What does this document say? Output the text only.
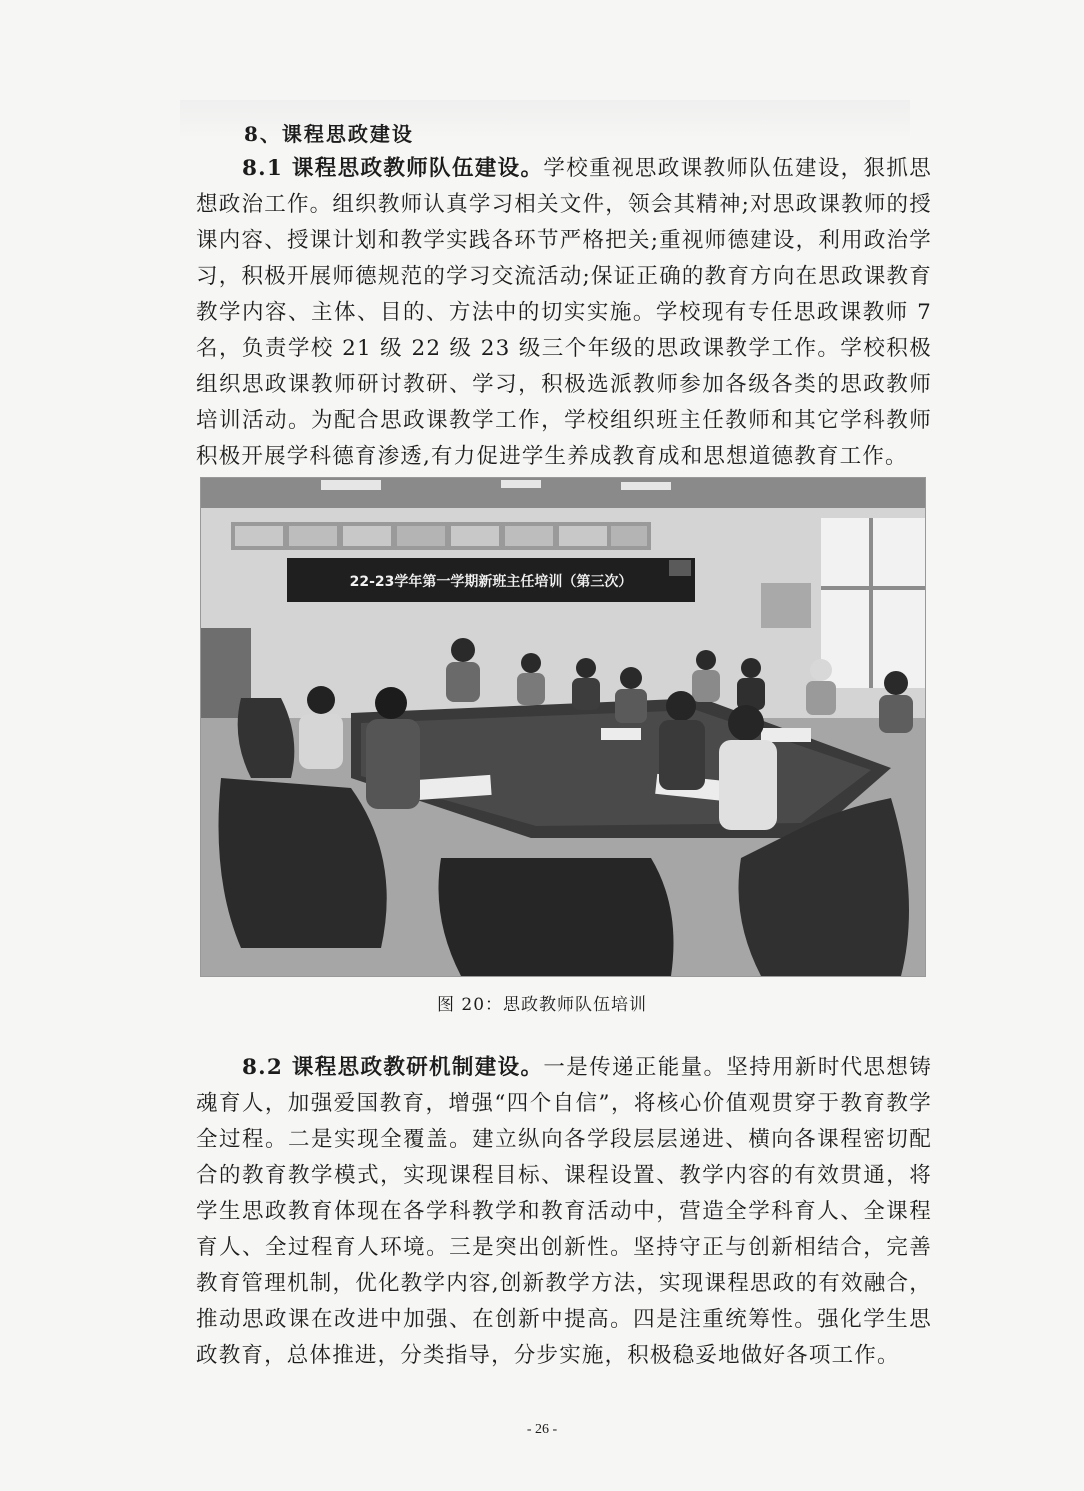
8、课程思政建设
8.1 课程思政教师队伍建设。学校重视思政课教师队伍建设，狠抓思想政治工作。组织教师认真学习相关文件，领会其精神;对思政课教师的授课内容、授课计划和教学实践各环节严格把关;重视师德建设，利用政治学习，积极开展师德规范的学习交流活动;保证正确的教育方向在思政课教育教学内容、主体、目的、方法中的切实实施。学校现有专任思政课教师 7 名，负责学校 21 级 22 级 23 级三个年级的思政课教学工作。学校积极组织思政课教师研讨教研、学习，积极选派教师参加各级各类的思政教师培训活动。为配合思政课教学工作，学校组织班主任教师和其它学科教师积极开展学科德育渗透,有力促进学生养成教育成和思想道德教育工作。
22-23学年第一学期新班主任培训（第三次）
图 20：思政教师队伍培训
8.2 课程思政教研机制建设。一是传递正能量。坚持用新时代思想铸魂育人，加强爱国教育，增强“四个自信”，将核心价值观贯穿于教育教学全过程。二是实现全覆盖。建立纵向各学段层层递进、横向各课程密切配合的教育教学模式，实现课程目标、课程设置、教学内容的有效贯通，将学生思政教育体现在各学科教学和教育活动中，营造全学科育人、全课程育人、全过程育人环境。三是突出创新性。坚持守正与创新相结合，完善教育管理机制，优化教学内容,创新教学方法，实现课程思政的有效融合，推动思政课在改进中加强、在创新中提高。四是注重统筹性。强化学生思政教育，总体推进，分类指导，分步实施，积极稳妥地做好各项工作。
- 26 -
